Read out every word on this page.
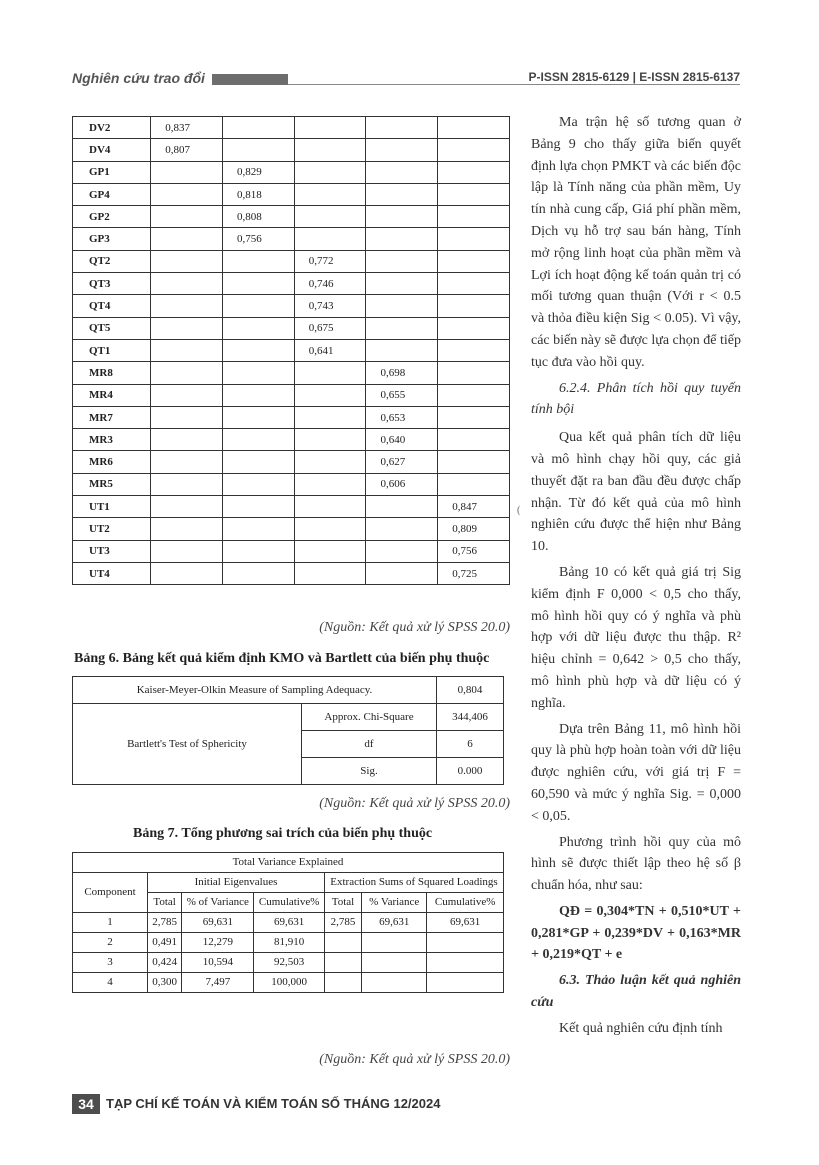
Nghiên cứu trao đổi	P-ISSN 2815-6129 | E-ISSN 2815-6137
DV2	0,837				
DV4	0,807				
GP1		0,829			
GP4		0,818			
GP2		0,808			
GP3		0,756			
QT2			0,772		
QT3			0,746		
QT4			0,743		
QT5			0,675		
QT1			0,641		
MR8				0,698	
MR4				0,655	
MR7				0,653	
MR3				0,640	
MR6				0,627	
MR5				0,606	
UT1					0,847
UT2					0,809
UT3					0,756
UT4					0,725
(
(Nguồn: Kết quả xử lý SPSS 20.0)
Bảng 6. Bảng kết quả kiểm định KMO và Bartlett của biến phụ thuộc
Kaiser-Meyer-Olkin Measure of Sampling Adequacy.		0,804
Bartlett's Test of Sphericity	Approx. Chi-Square	344,406
	df	6
	Sig.	0.000
(Nguồn: Kết quả xử lý SPSS 20.0)
Bảng 7. Tổng phương sai trích của biến phụ thuộc
Total Variance Explained						
Component	Initial Eigenvalues			Extraction Sums of Squared Loadings		
	Total	% of Variance	Cumulative%	Total	% Variance	Cumulative%
1	2,785	69,631	69,631	2,785	69,631	69,631
2	0,491	12,279	81,910			
3	0,424	10,594	92,503			
4	0,300	7,497	100,000			
(Nguồn: Kết quả xử lý SPSS 20.0)

Ma trận hệ số tương quan ở Bảng 9 cho thấy giữa biến quyết định lựa chọn PMKT và các biến độc lập là Tính năng của phần mềm, Uy tín nhà cung cấp, Giá phí phần mềm, Dịch vụ hỗ trợ sau bán hàng, Tính mở rộng linh hoạt của phần mềm và Lợi ích hoạt động kế toán quản trị có mối tương quan thuận (Với r < 0.5 và thỏa điều kiện Sig < 0.05). Vì vậy, các biến này sẽ được lựa chọn để tiếp tục đưa vào hồi quy.

6.2.4. Phân tích hồi quy tuyến tính bội

Qua kết quả phân tích dữ liệu và mô hình chạy hồi quy, các giả thuyết đặt ra ban đầu đều được chấp nhận. Từ đó kết quả của mô hình nghiên cứu được thể hiện như Bảng 10.

Bảng 10 có kết quả giá trị Sig kiểm định F 0,000 < 0,5 cho thấy, mô hình hồi quy có ý nghĩa và phù hợp với dữ liệu được thu thập. R² hiệu chỉnh = 0,642 > 0,5 cho thấy, mô hình phù hợp và dữ liệu có ý nghĩa.

Dựa trên Bảng 11, mô hình hồi quy là phù hợp hoàn toàn với dữ liệu được nghiên cứu, với giá trị F = 60,590 và mức ý nghĩa Sig. = 0,000 < 0,05.

Phương trình hồi quy của mô hình sẽ được thiết lập theo hệ số β chuẩn hóa, như sau:

QĐ = 0,304*TN + 0,510*UT + 0,281*GP + 0,239*DV + 0,163*MR + 0,219*QT + e

6.3. Thảo luận kết quả nghiên cứu

Kết quả nghiên cứu định tính

34 TẠP CHÍ KẾ TOÁN VÀ KIỂM TOÁN SỐ THÁNG 12/2024
